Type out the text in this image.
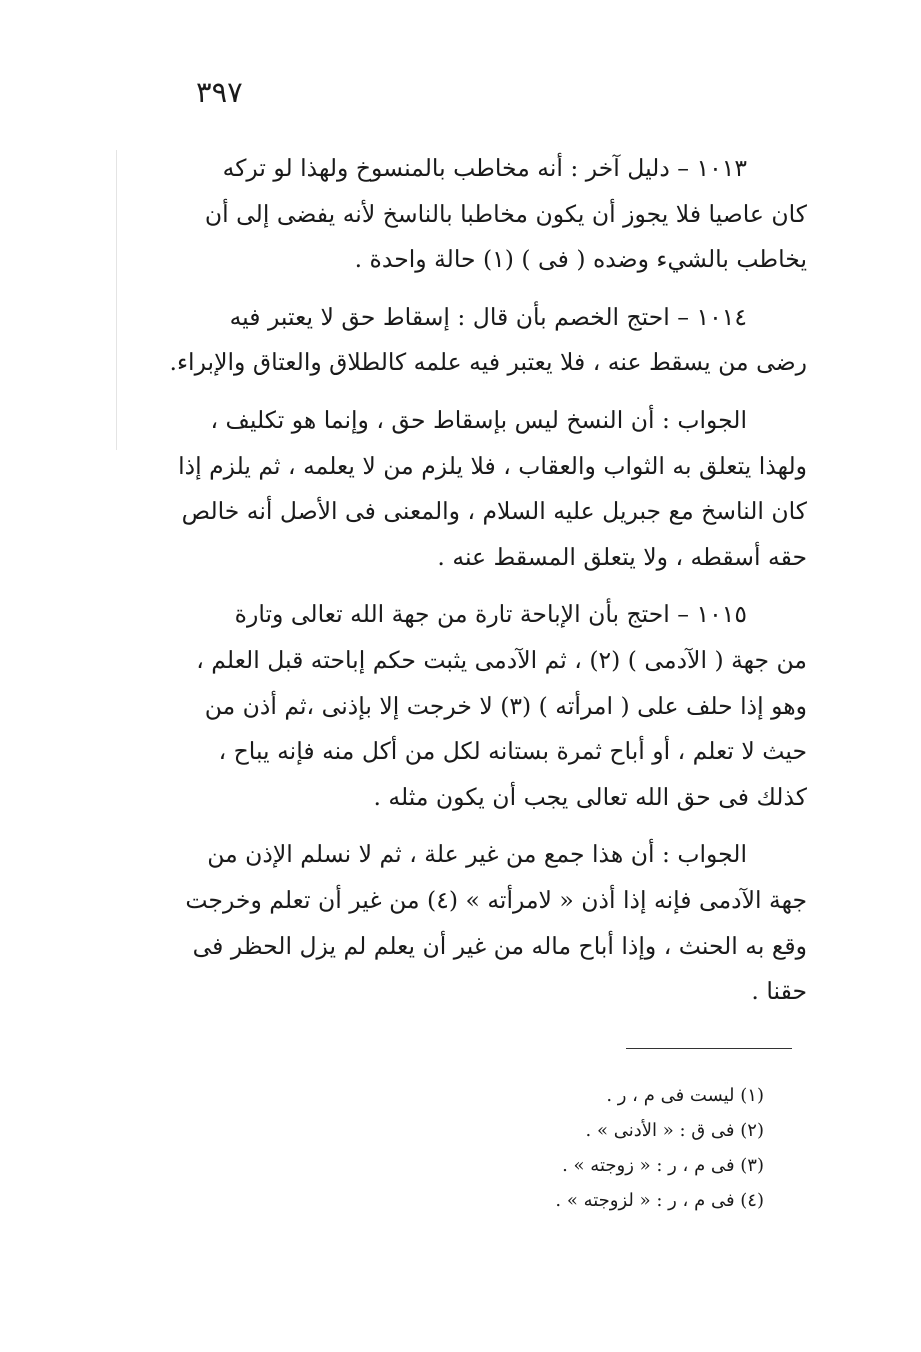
٣٩٧
١٠١٣ – دليل آخر : أنه مخاطب بالمنسوخ ولهذا لو تركه
كان عاصيا فلا يجوز أن يكون مخاطبا بالناسخ لأنه يفضى إلى أن
يخاطب بالشيء وضده ( فى ) (١) حالة واحدة .
١٠١٤ – احتج الخصم بأن قال : إسقاط حق لا يعتبر فيه
رضى من يسقط عنه ، فلا يعتبر فيه علمه كالطلاق والعتاق والإبراء.
الجواب : أن النسخ ليس بإسقاط حق ، وإنما هو تكليف ،
ولهذا يتعلق به الثواب والعقاب ، فلا يلزم من لا يعلمه ، ثم يلزم إذا
كان الناسخ مع جبريل عليه السلام ، والمعنى فى الأصل أنه خالص
حقه أسقطه ، ولا يتعلق المسقط عنه .
١٠١٥ – احتج بأن الإباحة تارة من جهة الله تعالى وتارة
من جهة ( الآدمى ) (٢) ، ثم الآدمى يثبت حكم إباحته قبل العلم ،
وهو إذا حلف على ( امرأته ) (٣) لا خرجت إلا بإذنى ،ثم أذن من
حيث لا تعلم ، أو أباح ثمرة بستانه لكل من أكل منه فإنه يباح ،
كذلك فى حق الله تعالى يجب أن يكون مثله .
الجواب : أن هذا جمع من غير علة ، ثم لا نسلم الإذن من
جهة الآدمى فإنه إذا أذن « لامرأته » (٤) من غير أن تعلم وخرجت
وقع به الحنث ، وإذا أباح ماله من غير أن يعلم لم يزل الحظر فى
حقنا .
(١) ليست فى م ، ر .
(٢) فى ق : « الأدنى » .
(٣) فى م ، ر : « زوجته » .
(٤) فى م ، ر : « لزوجته » .
